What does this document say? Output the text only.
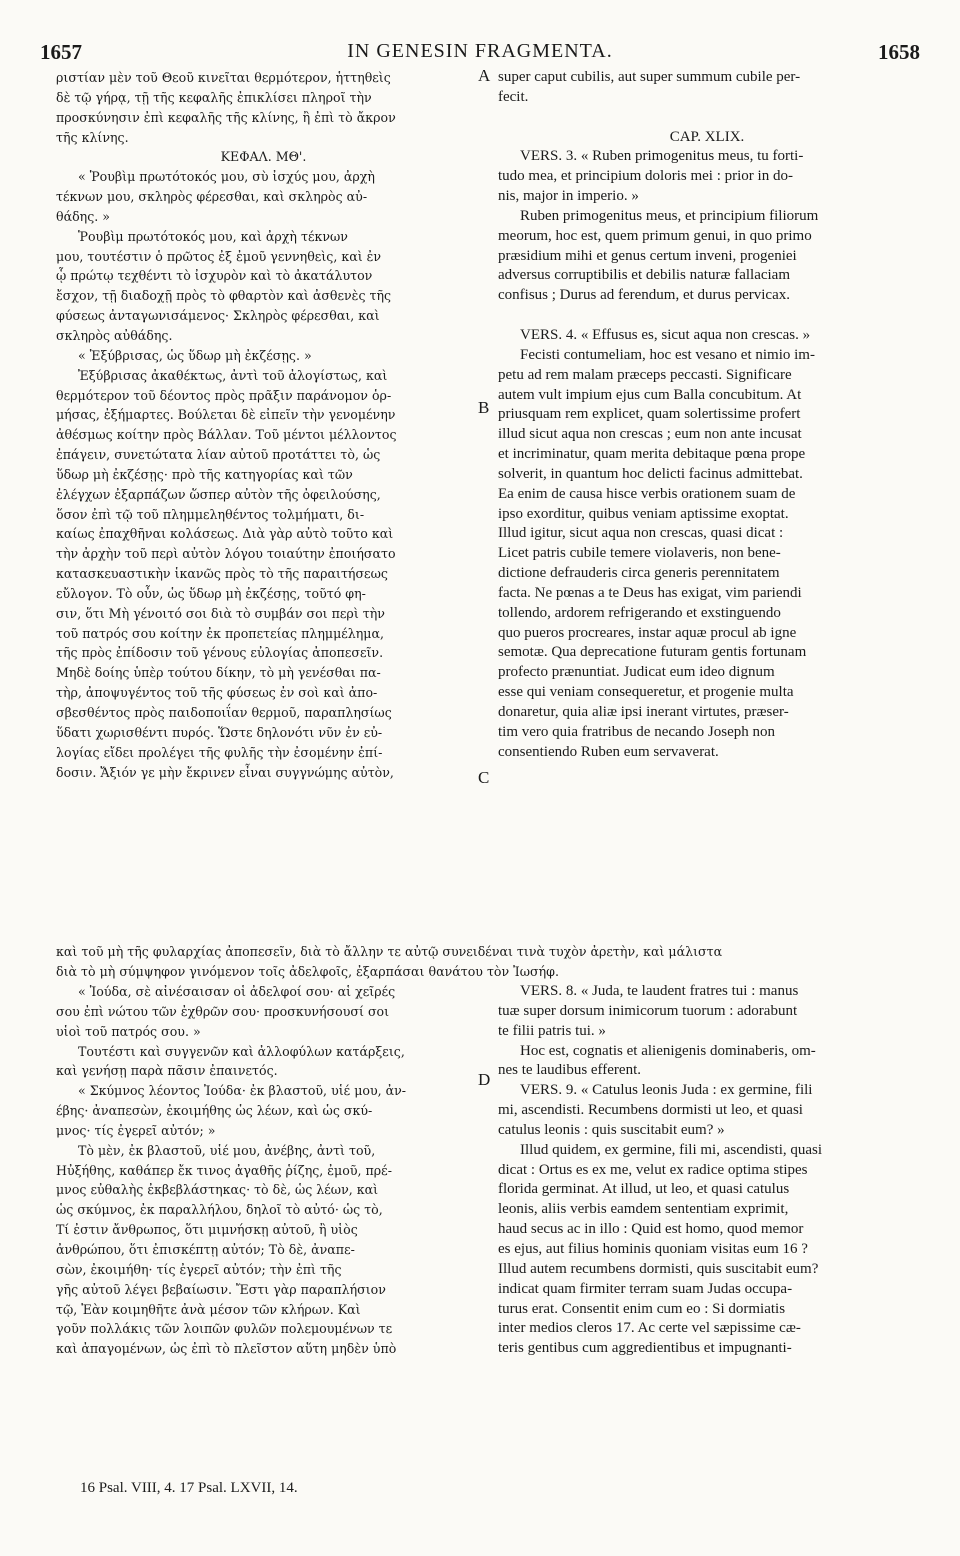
1657	IN GENESIN FRAGMENTA.	1658

ριστίαν μὲν τοῦ Θεοῦ κινεῖται θερμότερον, ἡττηθεὶς

δὲ τῷ γήρᾳ, τῇ τῆς κεφαλῆς ἐπικλίσει πληροῖ τὴν

προσκύνησιν ἐπὶ κεφαλῆς τῆς κλίνης, ἢ ἐπὶ τὸ ἄκρον

τῆς κλίνης.

ΚΕΦΑΛ. ΜΘ'.

« Ῥουβὶμ πρωτότοκός μου, σὺ ἰσχύς μου, ἀρχὴ

τέκνων μου, σκληρὸς φέρεσθαι, καὶ σκληρὸς αὐ-

θάδης. »

Ῥουβὶμ πρωτότοκός μου, καὶ ἀρχὴ τέκνων

μου, τουτέστιν ὁ πρῶτος ἐξ ἐμοῦ γεννηθεὶς, καὶ ἐν

ᾧ πρώτῳ τεχθέντι τὸ ἰσχυρὸν καὶ τὸ ἀκατάλυτον

ἔσχον, τῇ διαδοχῇ πρὸς τὸ φθαρτὸν καὶ ἀσθενὲς τῆς

φύσεως ἀνταγωνισάμενος· Σκληρὸς φέρεσθαι, καὶ

σκληρὸς αὐθάδης.

« Ἐξύβρισας, ὡς ὕδωρ μὴ ἐκζέσῃς. »

Ἐξύβρισας ἀκαθέκτως, ἀντὶ τοῦ ἀλογίστως, καὶ

θερμότερον τοῦ δέοντος πρὸς πρᾶξιν παράνομον ὁρ-

μήσας, ἐξήμαρτες. Βούλεται δὲ εἰπεῖν τὴν γενομένην

ἀθέσμως κοίτην πρὸς Βάλλαν. Τοῦ μέντοι μέλλοντος

ἐπάγειν, συνετώτατα λίαν αὐτοῦ προτάττει τὸ, ὡς

ὕδωρ μὴ ἐκζέσῃς· πρὸ τῆς κατηγορίας καὶ τῶν

ἐλέγχων ἐξαρπάζων ὥσπερ αὐτὸν τῆς ὀφειλούσης,

ὅσον ἐπὶ τῷ τοῦ πλημμεληθέντος τολμήματι, δι-

καίως ἐπαχθῆναι κολάσεως. Διὰ γὰρ αὐτὸ τοῦτο καὶ

τὴν ἀρχὴν τοῦ περὶ αὐτὸν λόγου τοιαύτην ἐποιήσατο

κατασκευαστικὴν ἱκανῶς πρὸς τὸ τῆς παραιτήσεως

εὔλογον. Τὸ οὖν, ὡς ὕδωρ μὴ ἐκζέσῃς, τοῦτό φη-

σιν, ὅτι Μὴ γένοιτό σοι διὰ τὸ συμβάν σοι περὶ τὴν

τοῦ πατρός σου κοίτην ἐκ προπετείας πλημμέλημα,

τῆς πρὸς ἐπίδοσιν τοῦ γένους εὐλογίας ἀποπεσεῖν.

Μηδὲ δοίης ὑπὲρ τούτου δίκην, τὸ μὴ γενέσθαι πα-

τὴρ, ἀποψυγέντος τοῦ τῆς φύσεως ἐν σοὶ καὶ ἀπο-

σβεσθέντος πρὸς παιδοποιΐαν θερμοῦ, παραπλησίως

ὕδατι χωρισθέντι πυρός. Ὥστε δηλονότι νῦν ἐν εὐ-

λογίας εἴδει προλέγει τῆς φυλῆς τὴν ἐσομένην ἐπί-

δοσιν. Ἄξιόν γε μὴν ἔκρινεν εἶναι συγγνώμης αὐτὸν,

super caput cubilis, aut super summum cubile per-

fecit.

CAP. XLIX.

VERS. 3. « Ruben primogenitus meus, tu forti-

tudo mea, et principium doloris mei : prior in do-

nis, major in imperio. »

Ruben primogenitus meus, et principium filiorum

meorum, hoc est, quem primum genui, in quo primo

præsidium mihi et genus certum inveni, progeniei

adversus corruptibilis et debilis naturæ fallaciam

confisus ; Durus ad ferendum, et durus pervicax.

VERS. 4. « Effusus es, sicut aqua non crescas. »

Fecisti contumeliam, hoc est vesano et nimio im-

petu ad rem malam præceps peccasti. Significare

autem vult impium ejus cum Balla concubitum. At

priusquam rem explicet, quam solertissime profert

illud sicut aqua non crescas ; eum non ante incusat

et incriminatur, quam merita debitaque pœna prope

solverit, in quantum hoc delicti facinus admittebat.

Ea enim de causa hisce verbis orationem suam de

ipso exorditur, quibus veniam aptissime exoptat.

Illud igitur, sicut aqua non crescas, quasi dicat :

Licet patris cubile temere violaveris, non bene-

dictione defrauderis circa generis perennitatem

facta. Ne pœnas a te Deus has exigat, vim pariendi

tollendo, ardorem refrigerando et exstinguendo

quo pueros procreares, instar aquæ procul ab igne

semotæ. Qua deprecatione futuram gentis fortunam

profecto prænuntiat. Judicat eum ideo dignum

esse qui veniam consequeretur, et progenie multa

donaretur, quia aliæ ipsi inerant virtutes, præser-

tim vero quia fratribus de necando Joseph non

consentiendo Ruben eum servaverat.

καὶ τοῦ μὴ τῆς φυλαρχίας ἀποπεσεῖν, διὰ τὸ ἄλλην τε αὐτῷ συνειδέναι τινὰ τυχὸν ἀρετὴν, καὶ μάλιστα

διὰ τὸ μὴ σύμψηφον γινόμενον τοῖς ἀδελφοῖς, ἐξαρπάσαι θανάτου τὸν Ἰωσήφ.

« Ἰούδα, σὲ αἰνέσαισαν οἱ ἀδελφοί σου· αἱ χεῖρές

σου ἐπὶ νώτου τῶν ἐχθρῶν σου· προσκυνήσουσί σοι

υἱοὶ τοῦ πατρός σου. »

Τουτέστι καὶ συγγενῶν καὶ ἀλλοφύλων κατάρξεις,

καὶ γενήσῃ παρὰ πᾶσιν ἐπαινετός.

« Σκύμνος λέοντος Ἰούδα· ἐκ βλαστοῦ, υἱέ μου, ἀν-

έβης· ἀναπεσὼν, ἐκοιμήθης ὡς λέων, καὶ ὡς σκύ-

μνος· τίς ἐγερεῖ αὐτόν; »

Τὸ μὲν, ἐκ βλαστοῦ, υἱέ μου, ἀνέβης, ἀντὶ τοῦ,

Ηὐξήθης, καθάπερ ἔκ τινος ἀγαθῆς ῥίζης, ἐμοῦ, πρέ-

μνος εὐθαλὴς ἐκβεβλάστηκας· τὸ δὲ, ὡς λέων, καὶ

ὡς σκύμνος, ἐκ παραλλήλου, δηλοῖ τὸ αὐτό· ὡς τὸ,

Τί ἐστιν ἄνθρωπος, ὅτι μιμνήσκῃ αὐτοῦ, ἢ υἱὸς

ἀνθρώπου, ὅτι ἐπισκέπτῃ αὐτόν; Τὸ δὲ, ἀναπε-

σὼν, ἐκοιμήθη· τίς ἐγερεῖ αὐτόν; τὴν ἐπὶ τῆς

γῆς αὐτοῦ λέγει βεβαίωσιν. Ἔστι γὰρ παραπλήσιον

τῷ, Ἐὰν κοιμηθῆτε ἀνὰ μέσον τῶν κλήρων. Καὶ

γοῦν πολλάκις τῶν λοιπῶν φυλῶν πολεμουμένων τε

καὶ ἀπαγομένων, ὡς ἐπὶ τὸ πλεῖστον αὕτη μηδὲν ὑπὸ

VERS. 8. « Juda, te laudent fratres tui : manus

tuæ super dorsum inimicorum tuorum : adorabunt

te filii patris tui. »

Hoc est, cognatis et alienigenis dominaberis, om-

nes te laudibus efferent.

VERS. 9. « Catulus leonis Juda : ex germine, fili

mi, ascendisti. Recumbens dormisti ut leo, et quasi

catulus leonis : quis suscitabit eum? »

Illud quidem, ex germine, fili mi, ascendisti, quasi

dicat : Ortus es ex me, velut ex radice optima stipes

florida germinat. At illud, ut leo, et quasi catulus

leonis, aliis verbis eamdem sententiam exprimit,

haud secus ac in illo : Quid est homo, quod memor

es ejus, aut filius hominis quoniam visitas eum 16 ?

Illud autem recumbens dormisti, quis suscitabit eum?

indicat quam firmiter terram suam Judas occupa-

turus erat. Consentit enim cum eo : Si dormiatis

inter medios cleros 17. Ac certe vel sæpissime cæ-

teris gentibus cum aggredientibus et impugnanti-

A
B
C
D
16 Psal. VIII, 4. 17 Psal. LXVII, 14.
